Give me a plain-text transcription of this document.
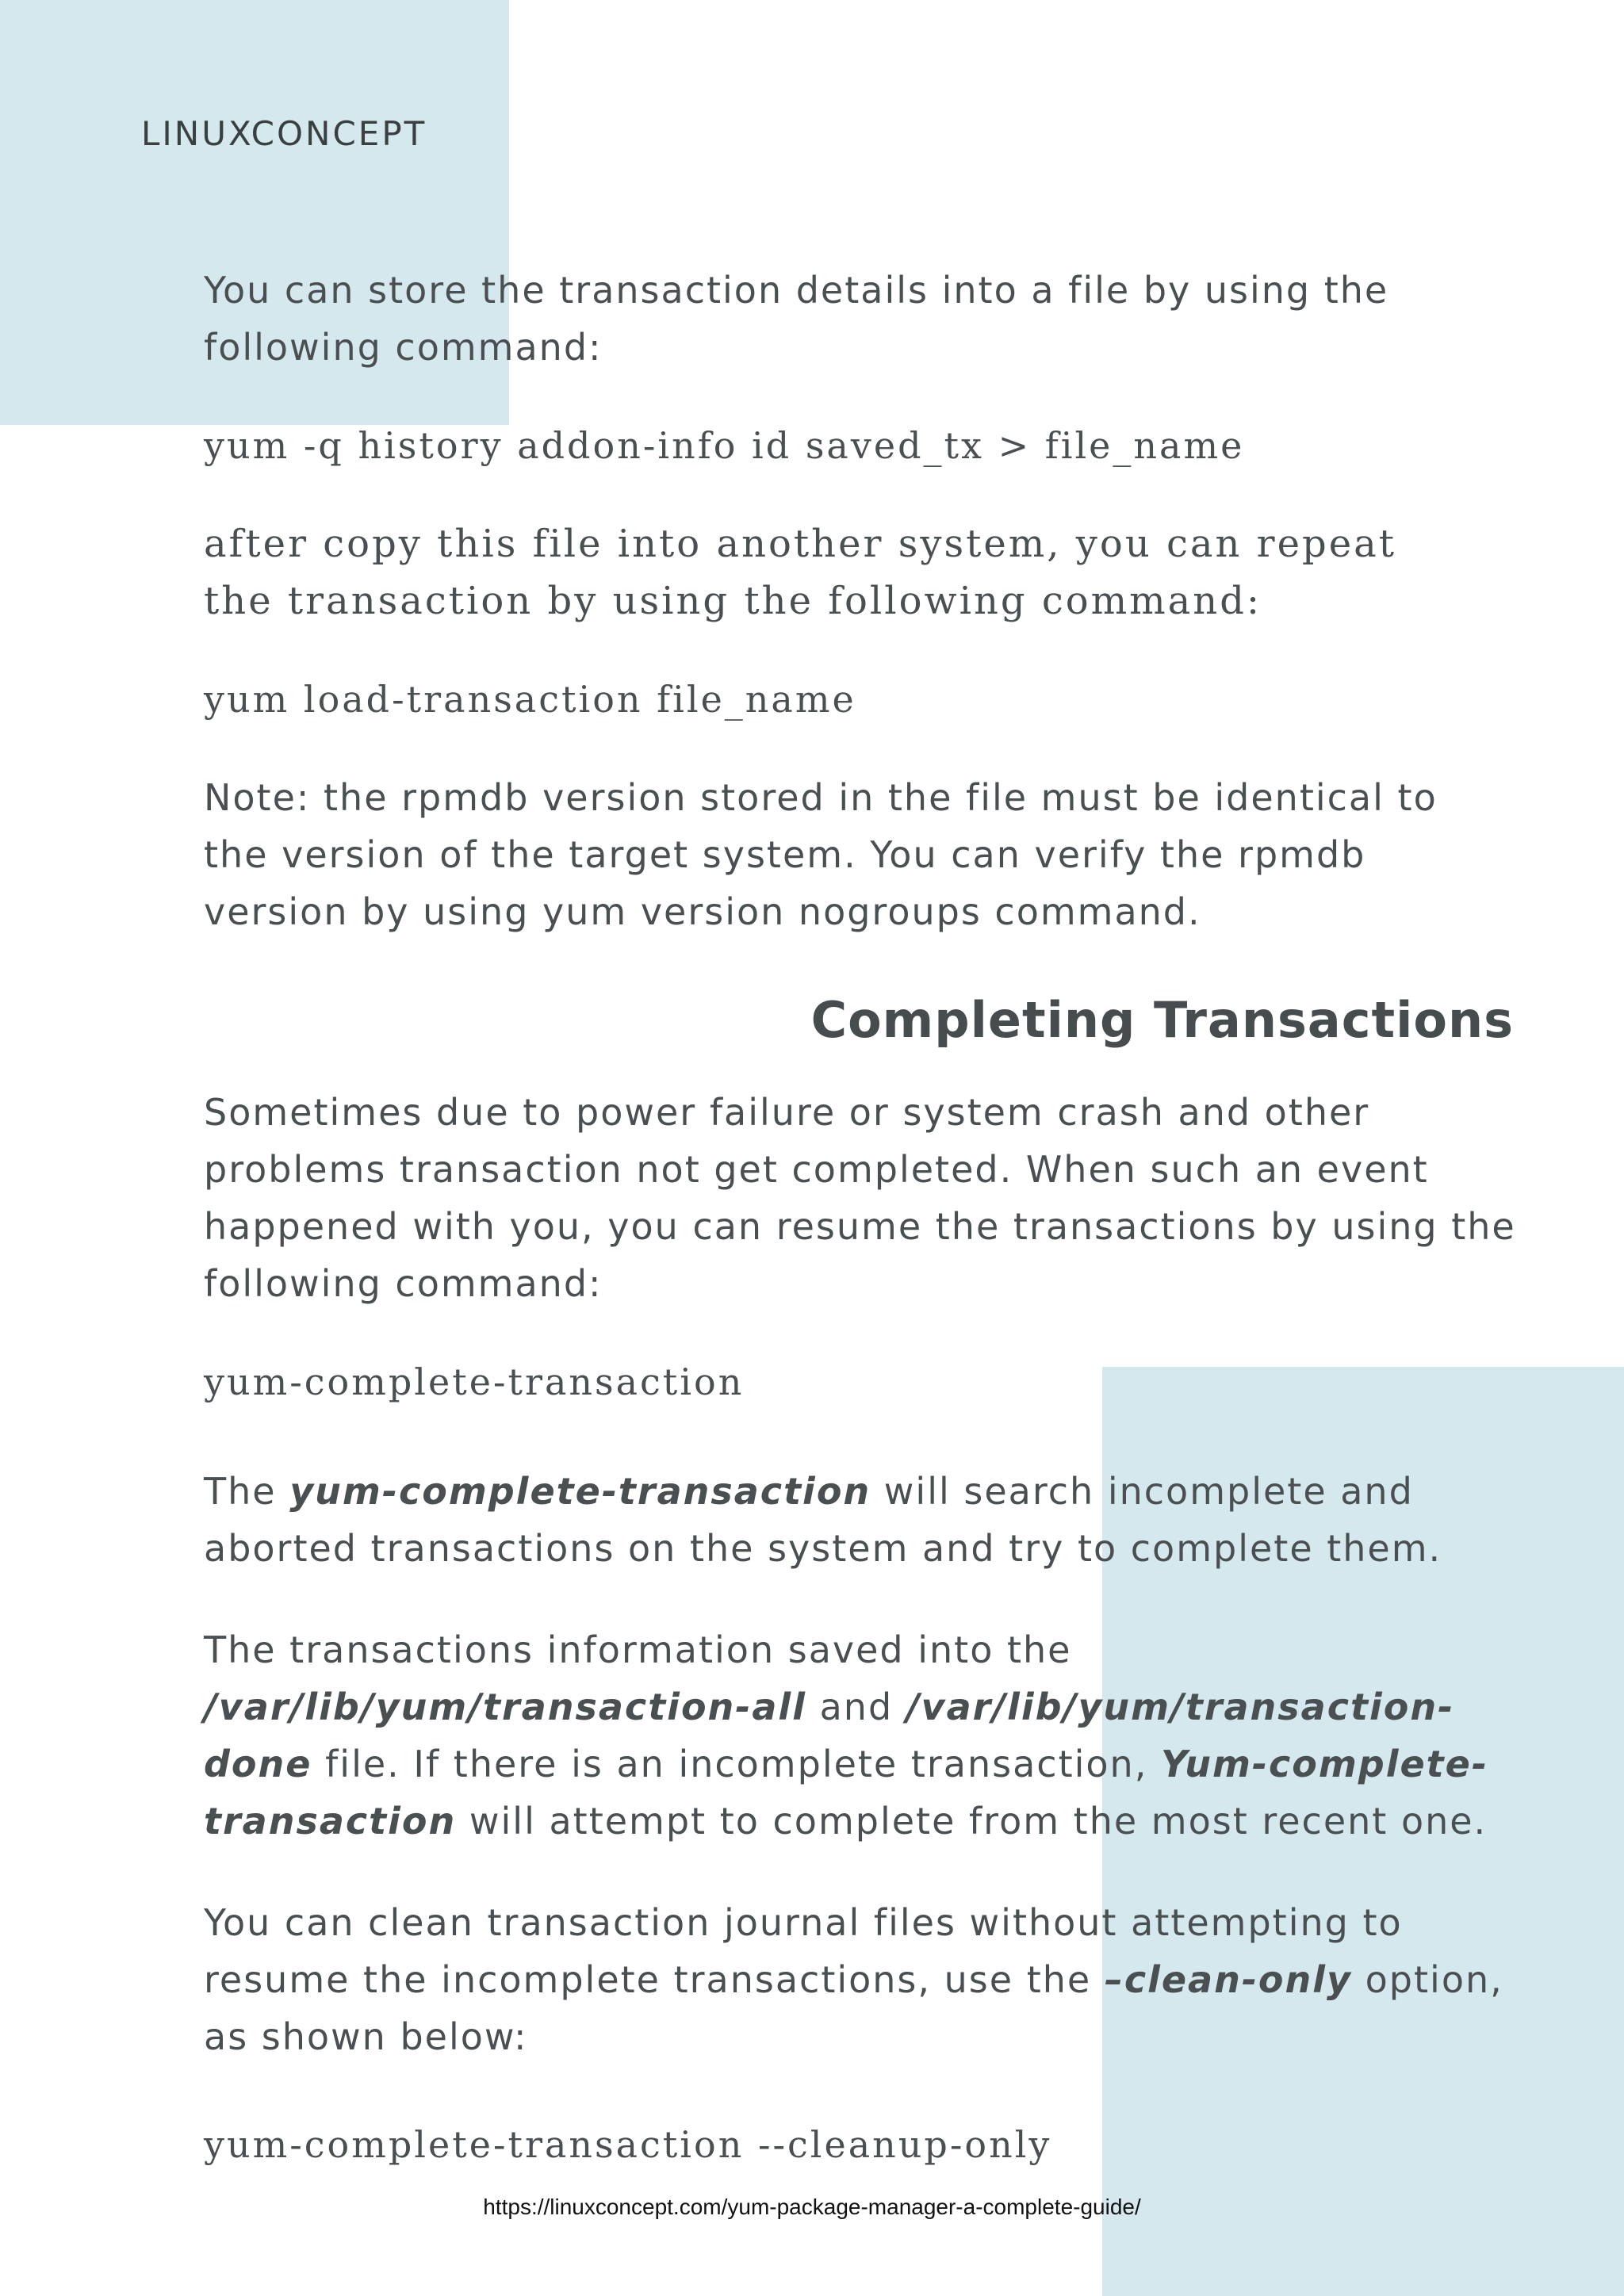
LINUXCONCEPT

You can store the transaction details into a file by using the following command:

yum -q history addon-info id saved_tx > file_name

after copy this file into another system, you can repeat the transaction by using the following command:

yum load-transaction file_name

Note: the rpmdb version stored in the file must be identical to the version of the target system. You can verify the rpmdb version by using yum version nogroups command.

Completing Transactions

Sometimes due to power failure or system crash and other problems transaction not get completed. When such an event happened with you, you can resume the transactions by using the following command:

yum-complete-transaction

The yum-complete-transaction will search incomplete and aborted transactions on the system and try to complete them.

The transactions information saved into the /var/lib/yum/transaction-all and /var/lib/yum/transaction-done file. If there is an incomplete transaction, Yum-complete-transaction will attempt to complete from the most recent one.

You can clean transaction journal files without attempting to resume the incomplete transactions, use the –clean-only option, as shown below:

yum-complete-transaction --cleanup-only

https://linuxconcept.com/yum-package-manager-a-complete-guide/
